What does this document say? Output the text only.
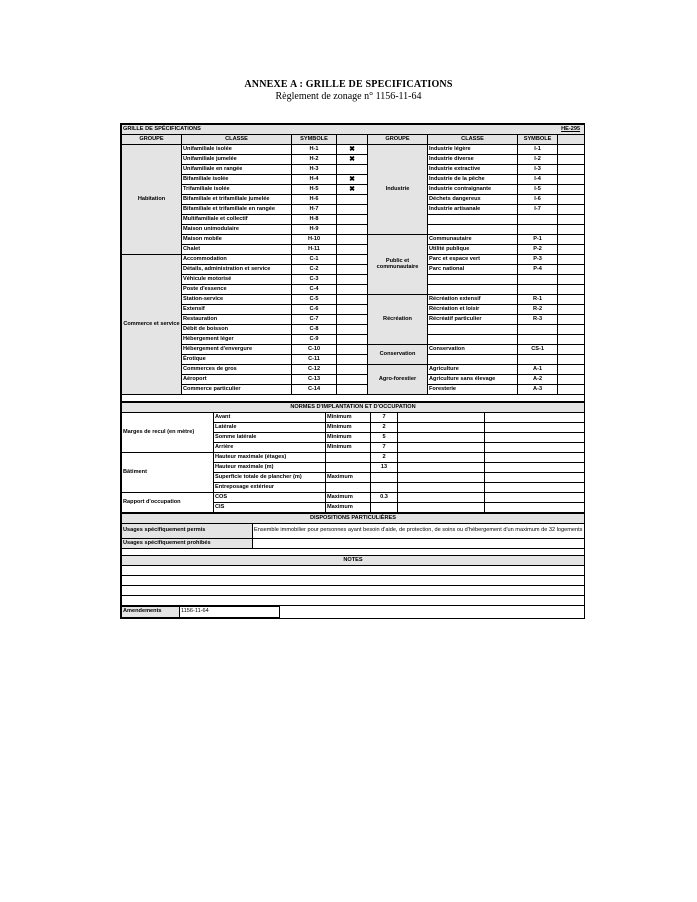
ANNEXE A : GRILLE DE SPECIFICATIONS
Règlement de zonage n° 1156-11-64
GRILLE DE SPÉCIFICATIONS						HE-295	
GROUPE	CLASSE	SYMBOLE		GROUPE	CLASSE	SYMBOLE	
Habitation	Unifamiliale isolée	H-1	✖	Industrie	Industrie légère	I-1	
	Unifamiliale jumelée	H-2	✖		Industrie diverse	I-2	
	Unifamiliale en rangée	H-3			Industrie extractive	I-3	
	Bifamiliale isolée	H-4	✖		Industrie de la pêche	I-4	
	Trifamiliale isolée	H-5	✖		Industrie contraignante	I-5	
	Bifamiliale et trifamiliale jumelée	H-6			Déchets dangereux	I-6	
	Bifamiliale et trifamiliale en rangée	H-7			Industrie artisanale	I-7	
	Multifamiliale et collectif	H-8					
	Maison unimodulaire	H-9					
	Maison mobile	H-10		Public et communautaire	Communautaire	P-1	
	Chalet	H-11			Utilité publique	P-2	
Commerce et service	Accommodation	C-1			Parc et espace vert	P-3	
	Détails, administration et service	C-2			Parc national	P-4	
	Véhicule motorisé	C-3					
	Poste d'essence	C-4					
	Station-service	C-5		Récréation	Récréation extensif	R-1	
	Extensif	C-6			Récréation et loisir	R-2	
	Restauration	C-7			Récréatif particulier	R-3	
	Débit de boisson	C-8					
	Hébergement léger	C-9					
	Hébergement d'envergure	C-10		Conservation	Conservation	CS-1	
	Érotique	C-11					
	Commerces de gros	C-12		Agro-forestier	Agriculture	A-1	
	Aéroport	C-13			Agriculture sans élevage	A-2	
	Commerce particulier	C-14			Foresterie	A-3	

NORMES D'IMPLANTATION ET D'OCCUPATION					
Marges de recul (en mètre)	Avant	Minimum	7		
	Latérale	Minimum	2		
	Somme latérale	Minimum	5		
	Arrière	Minimum	7		
Bâtiment	Hauteur maximale (étages)		2		
	Hauteur maximale (m)		13		
	Superficie totale de plancher (m)	Maximum			
	Entreposage extérieur				
Rapport d'occupation	COS	Maximum	0.3		
	CIS	Maximum			
DISPOSITIONS PARTICULIÈRES	
Usages spécifiquement permis	Ensemble immobilier pour personnes ayant besoin d'aide, de protection, de soins ou d'hébergement d'un maximum de 32 logements
Usages spécifiquement prohibés	

NOTES	

Amendements	1156-11-64	
